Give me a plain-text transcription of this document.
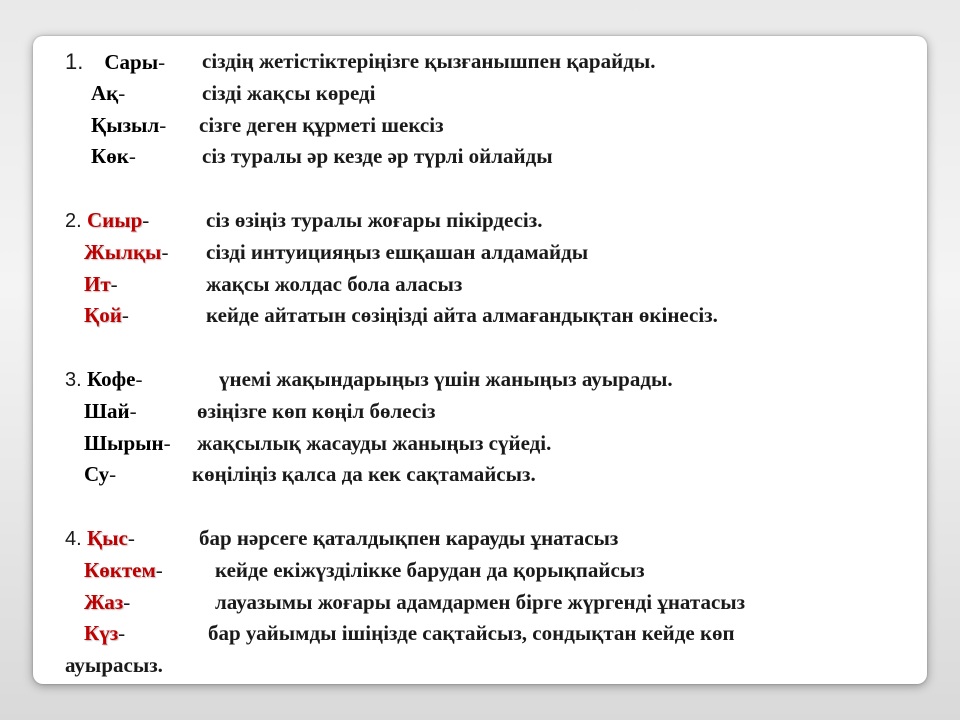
1. Сары- сіздің жетістіктеріңізге қызғанышпен қарайды.
Ақ-	сізді жақсы көреді
Қызыл- сізге деген құрметі шексіз
Көк-	сіз туралы әр кезде әр түрлі ойлайды
2. Сиыр-	сіз өзіңіз туралы жоғары пікірдесіз.
Жылқы- сізді интуицияңыз ешқашан алдамайды
Ит-	жақсы жолдас бола аласыз
Қой-	кейде айтатын сөзіңізді айта алмағандықтан өкінесіз.
3. Кофе-	үнемі жақындарыңыз үшін жаныңыз ауырады.
Шай-	өзіңізге көп көңіл бөлесіз
Шырын- жақсылық жасауды жаныңыз сүйеді.
Су-	көңіліңіз қалса да кек сақтамайсыз.
4. Қыс-	бар нәрсеге қаталдықпен карауды ұнатасыз
Көктем- кейде екіжүзділікке барудан да қорықпайсыз
Жаз-	лауазымы жоғары адамдармен бірге жүргенді ұнатасыз
Күз-	бар уайымды ішіңізде сақтайсыз, сондықтан кейде көп
ауырасыз.
